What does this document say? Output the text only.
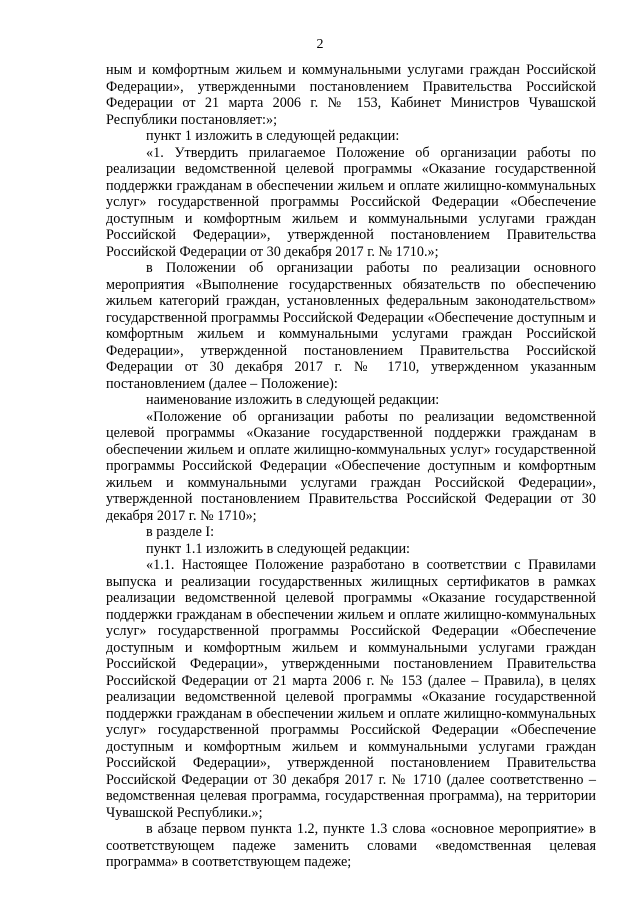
2

ным и комфортным жильем и коммунальными услугами граждан Российской Федерации», утвержденными постановлением Правительства Российской Федерации от 21 марта 2006 г. № 153, Кабинет Министров Чувашской Республики постановляет:»;

пункт 1 изложить в следующей редакции:

«1. Утвердить прилагаемое Положение об организации работы по реализации ведомственной целевой программы «Оказание государственной поддержки гражданам в обеспечении жильем и оплате жилищно-коммунальных услуг» государственной программы Российской Федерации «Обеспечение доступным и комфортным жильем и коммунальными услугами граждан Российской Федерации», утвержденной постановлением Правительства Российской Федерации от 30 декабря 2017 г. № 1710.»;

в Положении об организации работы по реализации основного мероприятия «Выполнение государственных обязательств по обеспечению жильем категорий граждан, установленных федеральным законодательством» государственной программы Российской Федерации «Обеспечение доступным и комфортным жильем и коммунальными услугами граждан Российской Федерации», утвержденной постановлением Правительства Российской Федерации от 30 декабря 2017 г. № 1710, утвержденном указанным постановлением (далее – Положение):

наименование изложить в следующей редакции:

«Положение об организации работы по реализации ведомственной целевой программы «Оказание государственной поддержки гражданам в обеспечении жильем и оплате жилищно-коммунальных услуг» государственной программы Российской Федерации «Обеспечение доступным и комфортным жильем и коммунальными услугами граждан Российской Федерации», утвержденной постановлением Правительства Российской Федерации от 30 декабря 2017 г. № 1710»;

в разделе I:

пункт 1.1 изложить в следующей редакции:

«1.1. Настоящее Положение разработано в соответствии с Правилами выпуска и реализации государственных жилищных сертификатов в рамках реализации ведомственной целевой программы «Оказание государственной поддержки гражданам в обеспечении жильем и оплате жилищно-коммунальных услуг» государственной программы Российской Федерации «Обеспечение доступным и комфортным жильем и коммунальными услугами граждан Российской Федерации», утвержденными постановлением Правительства Российской Федерации от 21 марта 2006 г. № 153 (далее – Правила), в целях реализации ведомственной целевой программы «Оказание государственной поддержки гражданам в обеспечении жильем и оплате жилищно-коммунальных услуг» государственной программы Российской Федерации «Обеспечение доступным и комфортным жильем и коммунальными услугами граждан Российской Федерации», утвержденной постановлением Правительства Российской Федерации от 30 декабря 2017 г. № 1710 (далее соответственно – ведомственная целевая программа, государственная программа), на территории Чувашской Республики.»;

в абзаце первом пункта 1.2, пункте 1.3 слова «основное мероприятие» в соответствующем падеже заменить словами «ведомственная целевая программа» в соответствующем падеже;
